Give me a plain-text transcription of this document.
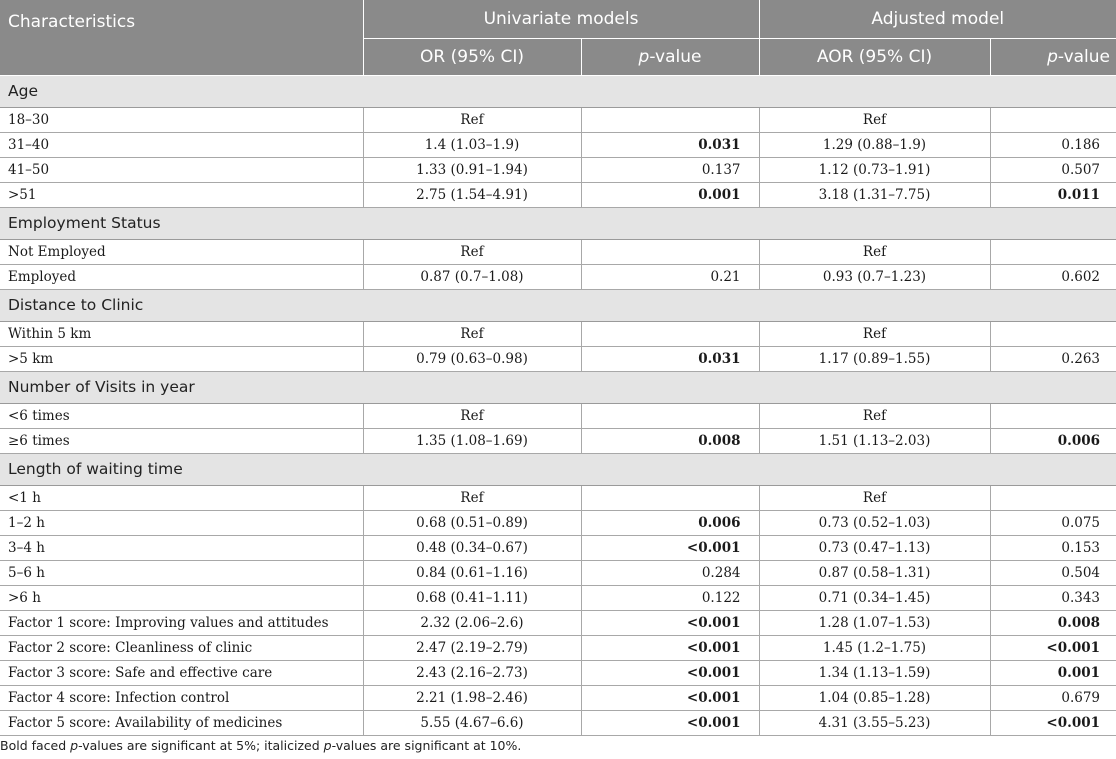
Characteristics	Univariate models		Adjusted model	
	OR (95% CI)	p-value	AOR (95% CI)	p-value
Age				
18–30	Ref		Ref	
31–40	1.4 (1.03–1.9)	0.031	1.29 (0.88–1.9)	0.186
41–50	1.33 (0.91–1.94)	0.137	1.12 (0.73–1.91)	0.507
>51	2.75 (1.54–4.91)	0.001	3.18 (1.31–7.75)	0.011
Employment Status				
Not Employed	Ref		Ref	
Employed	0.87 (0.7–1.08)	0.21	0.93 (0.7–1.23)	0.602
Distance to Clinic				
Within 5 km	Ref		Ref	
>5 km	0.79 (0.63–0.98)	0.031	1.17 (0.89–1.55)	0.263
Number of Visits in year				
<6 times	Ref		Ref	
≥6 times	1.35 (1.08–1.69)	0.008	1.51 (1.13–2.03)	0.006
Length of waiting time				
<1 h	Ref		Ref	
1–2 h	0.68 (0.51–0.89)	0.006	0.73 (0.52–1.03)	0.075
3–4 h	0.48 (0.34–0.67)	<0.001	0.73 (0.47–1.13)	0.153
5–6 h	0.84 (0.61–1.16)	0.284	0.87 (0.58–1.31)	0.504
>6 h	0.68 (0.41–1.11)	0.122	0.71 (0.34–1.45)	0.343
Factor 1 score: Improving values and attitudes	2.32 (2.06–2.6)	<0.001	1.28 (1.07–1.53)	0.008
Factor 2 score: Cleanliness of clinic	2.47 (2.19–2.79)	<0.001	1.45 (1.2–1.75)	<0.001
Factor 3 score: Safe and effective care	2.43 (2.16–2.73)	<0.001	1.34 (1.13–1.59)	0.001
Factor 4 score: Infection control	2.21 (1.98–2.46)	<0.001	1.04 (0.85–1.28)	0.679
Factor 5 score: Availability of medicines	5.55 (4.67–6.6)	<0.001	4.31 (3.55–5.23)	<0.001
Bold faced p-values are significant at 5%; italicized p-values are significant at 10%.
